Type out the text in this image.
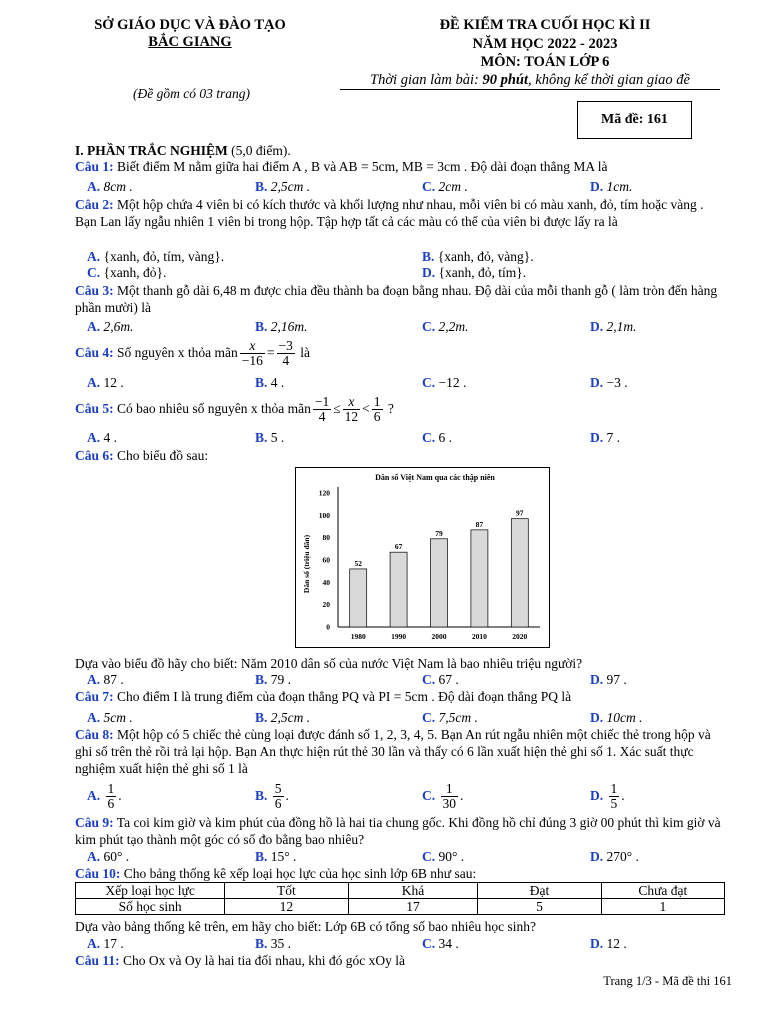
SỞ GIÁO DỤC VÀ ĐÀO TẠO
BẮC GIANG
ĐỀ KIỂM TRA CUỐI HỌC KÌ II
NĂM HỌC 2022 - 2023
MÔN: TOÁN LỚP 6
Thời gian làm bài: 90 phút, không kể thời gian giao đề
(Đề gồm có 03 trang)
Mã đề: 161
I. PHẦN TRẮC NGHIỆM (5,0 điểm).
Câu 1: Biết điểm M nằm giữa hai điểm A , B và AB = 5cm, MB = 3cm . Độ dài đoạn thẳng MA là
A. 8cm .	B. 2,5cm .	C. 2cm .	D. 1cm.
Câu 2: Một hộp chứa 4 viên bi có kích thước và khối lượng như nhau, mỗi viên bi có màu xanh, đỏ, tím hoặc vàng . Bạn Lan lấy ngẫu nhiên 1 viên bi trong hộp. Tập hợp tất cả các màu có thể của viên bi được lấy ra là
A. {xanh, đỏ, tím, vàng}.	B. {xanh, đỏ, vàng}.
C. {xanh, đỏ}.	D. {xanh, đỏ, tím}.
Câu 3: Một thanh gỗ dài 6,48 m được chia đều thành ba đoạn bằng nhau. Độ dài của mỗi thanh gỗ ( làm tròn đến hàng phần mười) là
A. 2,6m.	B. 2,16m.	C. 2,2m.	D. 2,1m.
Câu 4: Số nguyên x thỏa mãn $\frac{x}{-16} = \frac{-3}{4}$ là
A. 12 .	B. 4 .	C. −12 .	D. −3 .
Câu 5: Có bao nhiêu số nguyên x thỏa mãn $\frac{-1}{4} \le \frac{x}{12} < \frac{1}{6}$ ?
A. 4 .	B. 5 .	C. 6 .	D. 7 .
Câu 6: Cho biểu đồ sau:
Dân số Việt Nam qua các thập niên
Dân số (triệu dân)
0
20
40
60
80
100
120
52
1980
67
1990
79
2000
87
2010
97
2020
Dựa vào biểu đồ hãy cho biết: Năm 2010 dân số của nước Việt Nam là bao nhiêu triệu người?
A. 87 .	B. 79 .	C. 67 .	D. 97 .
Câu 7: Cho điểm I là trung điểm của đoạn thẳng PQ và PI = 5cm . Độ dài đoạn thẳng PQ là
A. 5cm .	B. 2,5cm .	C. 7,5cm .	D. 10cm .
Câu 8: Một hộp có 5 chiếc thẻ cùng loại được đánh số 1, 2, 3, 4, 5. Bạn An rút ngẫu nhiên một chiếc thẻ trong hộp và ghi số trên thẻ rồi trả lại hộp. Bạn An thực hiện rút thẻ 30 lần và thấy có 6 lần xuất hiện thẻ ghi số 1. Xác suất thực nghiệm xuất hiện thẻ ghi số 1 là
A. $\frac{1}{6}$ .	B. $\frac{5}{6}$ .	C. $\frac{1}{30}$ .	D. $\frac{1}{5}$ .
Câu 9: Ta coi kim giờ và kim phút của đồng hồ là hai tia chung gốc. Khi đồng hồ chỉ đúng 3 giờ 00 phút thì kim giờ và kim phút tạo thành một góc có số đo bằng bao nhiêu?
A. 60° .	B. 15° .	C. 90° .	D. 270° .
Câu 10: Cho bảng thống kê xếp loại học lực của học sinh lớp 6B như sau:
Xếp loại học lực	Tốt	Khá	Đạt	Chưa đạt
Số học sinh	12	17	5	1
Dựa vào bảng thống kê trên, em hãy cho biết: Lớp 6B có tổng số bao nhiêu học sinh?
A. 17 .	B. 35 .	C. 34 .	D. 12 .
Câu 11: Cho Ox và Oy là hai tia đối nhau, khi đó góc xOy là
Trang 1/3 - Mã đề thi 161
